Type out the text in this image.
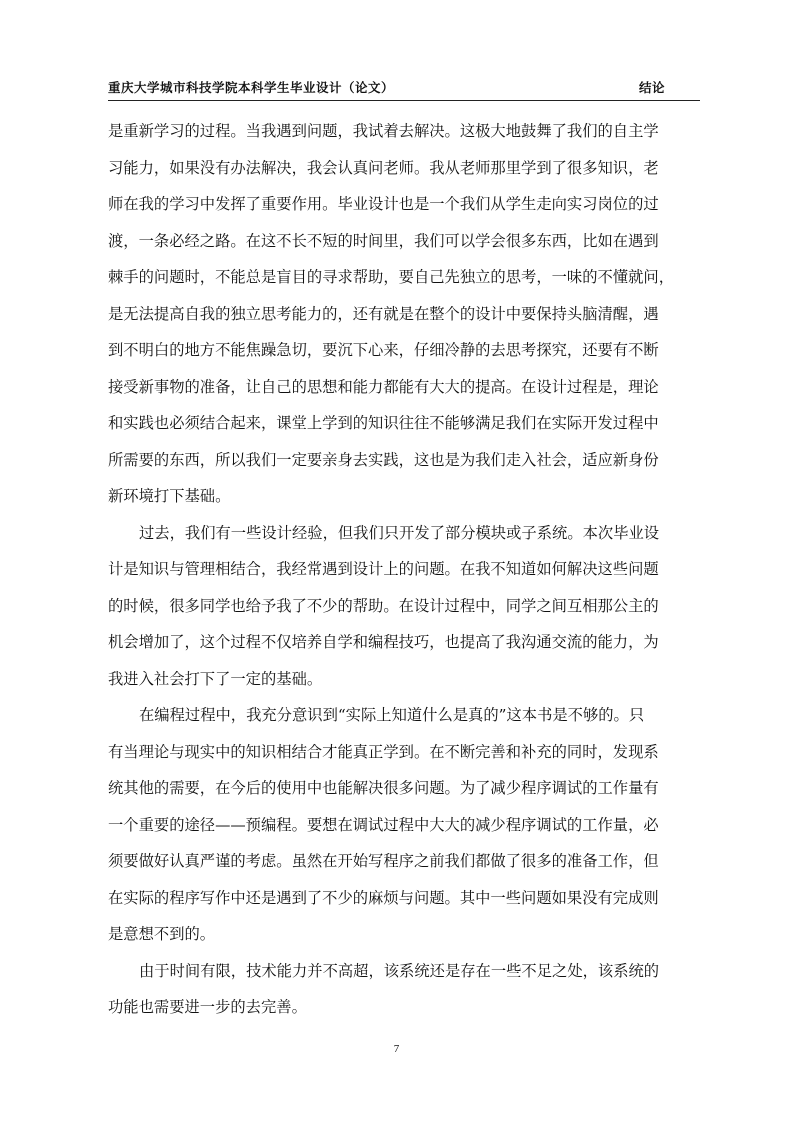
重庆大学城市科技学院本科学生毕业设计（论文）	结论
是重新学习的过程。当我遇到问题，我试着去解决。这极大地鼓舞了我们的自主学
习能力，如果没有办法解决，我会认真问老师。我从老师那里学到了很多知识，老
师在我的学习中发挥了重要作用。毕业设计也是一个我们从学生走向实习岗位的过
渡，一条必经之路。在这不长不短的时间里，我们可以学会很多东西，比如在遇到
棘手的问题时，不能总是盲目的寻求帮助，要自己先独立的思考，一味的不懂就问，
是无法提高自我的独立思考能力的，还有就是在整个的设计中要保持头脑清醒，遇
到不明白的地方不能焦躁急切，要沉下心来，仔细冷静的去思考探究，还要有不断
接受新事物的准备，让自己的思想和能力都能有大大的提高。在设计过程是，理论
和实践也必须结合起来，课堂上学到的知识往往不能够满足我们在实际开发过程中
所需要的东西，所以我们一定要亲身去实践，这也是为我们走入社会，适应新身份
新环境打下基础。
过去，我们有一些设计经验，但我们只开发了部分模块或子系统。本次毕业设
计是知识与管理相结合，我经常遇到设计上的问题。在我不知道如何解决这些问题
的时候，很多同学也给予我了不少的帮助。在设计过程中，同学之间互相那公主的
机会增加了，这个过程不仅培养自学和编程技巧，也提高了我沟通交流的能力，为
我进入社会打下了一定的基础。
在编程过程中，我充分意识到“实际上知道什么是真的”这本书是不够的。只
有当理论与现实中的知识相结合才能真正学到。在不断完善和补充的同时，发现系
统其他的需要，在今后的使用中也能解决很多问题。为了减少程序调试的工作量有
一个重要的途径——预编程。要想在调试过程中大大的减少程序调试的工作量，必
须要做好认真严谨的考虑。虽然在开始写程序之前我们都做了很多的准备工作，但
在实际的程序写作中还是遇到了不少的麻烦与问题。其中一些问题如果没有完成则
是意想不到的。
由于时间有限，技术能力并不高超，该系统还是存在一些不足之处，该系统的
功能也需要进一步的去完善。
7
